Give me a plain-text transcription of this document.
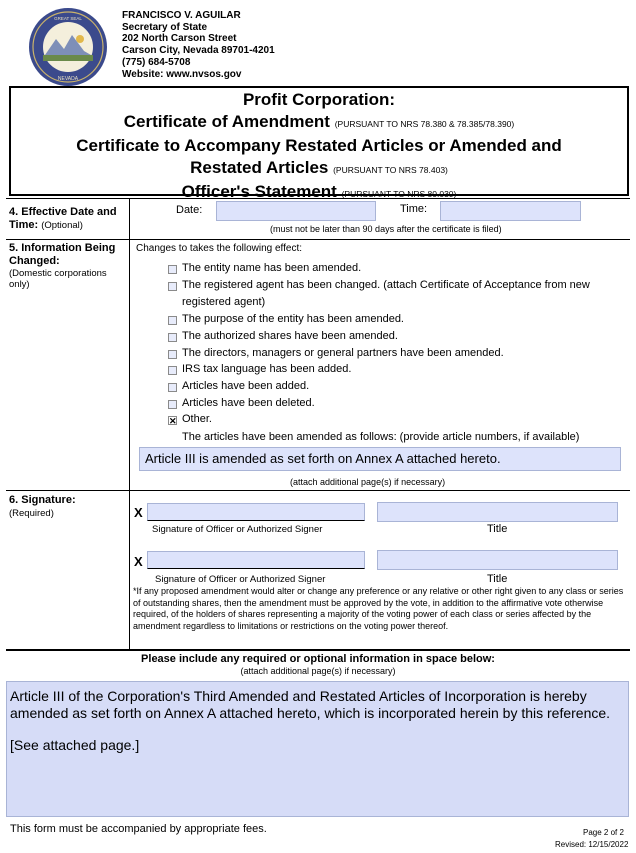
GREAT SEAL
NEVADA
FRANCISCO V. AGUILAR
Secretary of State
202 North Carson Street
Carson City, Nevada 89701-4201
(775) 684-5708
Website: www.nvsos.gov
Profit Corporation:
Certificate of Amendment (PURSUANT TO NRS 78.380 & 78.385/78.390)
Certificate to Accompany Restated Articles or Amended and
Restated Articles (PURSUANT TO NRS 78.403)
Officer's Statement (PURSUANT TO NRS 80.030)
4. Effective Date and Time: (Optional)
Date:	Time:
(must not be later than 90 days after the certificate is filed)
5. Information Being Changed:
(Domestic corporations only)
Changes to takes the following effect:
The entity name has been amended.
The registered agent has been changed. (attach Certificate of Acceptance from new
registered agent)
The purpose of the entity has been amended.
The authorized shares have been amended.
The directors, managers or general partners have been amended.
IRS tax language has been added.
Articles have been added.
Articles have been deleted.
✕ Other.
The articles have been amended as follows: (provide article numbers, if available)
Article III is amended as set forth on Annex A attached hereto.
(attach additional page(s) if necessary)
6. Signature:
(Required)	X
Signature of Officer or Authorized Signer	Title
X
Signature of Officer or Authorized Signer	Title
*If any proposed amendment would alter or change any preference or any relative or other right given to any class or series of outstanding shares, then the amendment must be approved by the vote, in addition to the affirmative vote otherwise required, of the holders of shares representing a majority of the voting power of each class or series affected by the amendment regardless to limitations or restrictions on the voting power thereof.
Please include any required or optional information in space below:
(attach additional page(s) if necessary)
Article III of the Corporation's Third Amended and Restated Articles of Incorporation is hereby amended as set forth on Annex A attached hereto, which is incorporated herein by this reference.
[See attached page.]
This form must be accompanied by appropriate fees.	Page 2 of 2
Revised: 12/15/2022
